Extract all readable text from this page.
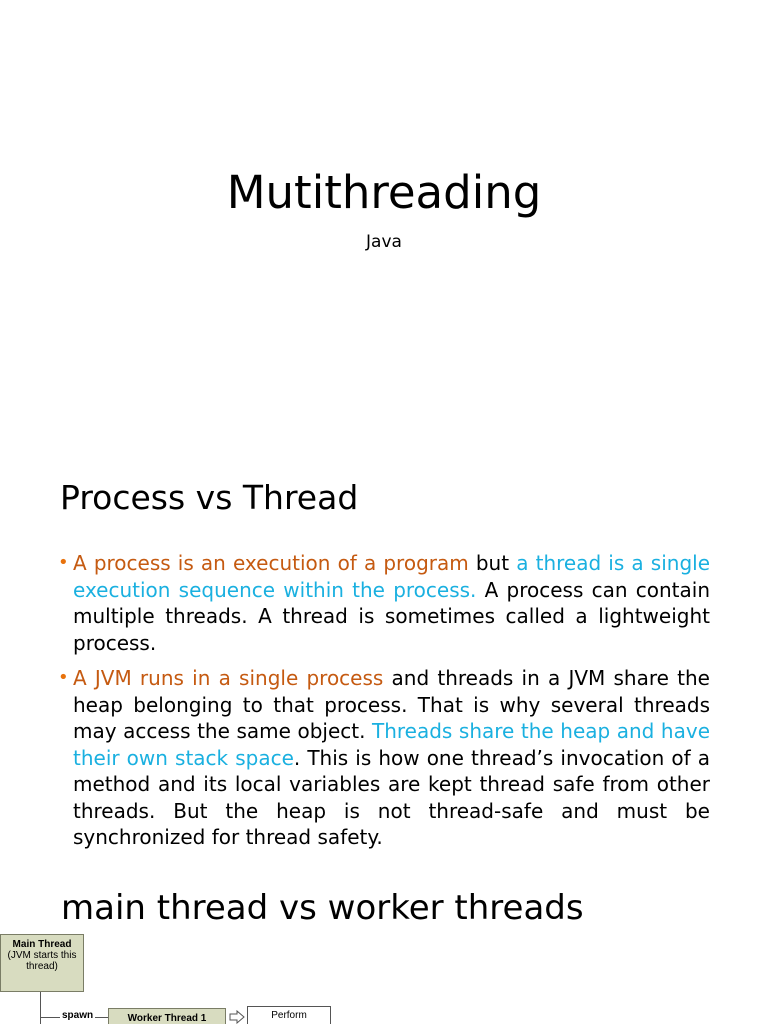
Mutithreading

Java

Process vs Thread
• A process is an execution of a program but a thread is a single execution sequence within the process. A process can contain multiple threads. A thread is sometimes called a lightweight process.
• A JVM runs in a single process and threads in a JVM share the heap belonging to that process. That is why several threads may access the same object. Threads share the heap and have their own stack space. This is how one thread’s invocation of a method and its local variables are kept thread safe from other threads. But the heap is not thread-safe and must be synchronized for thread safety.
main thread vs worker threads
Main Thread
(JVM starts this thread)
spawn	Worker Thread 1	Perform
